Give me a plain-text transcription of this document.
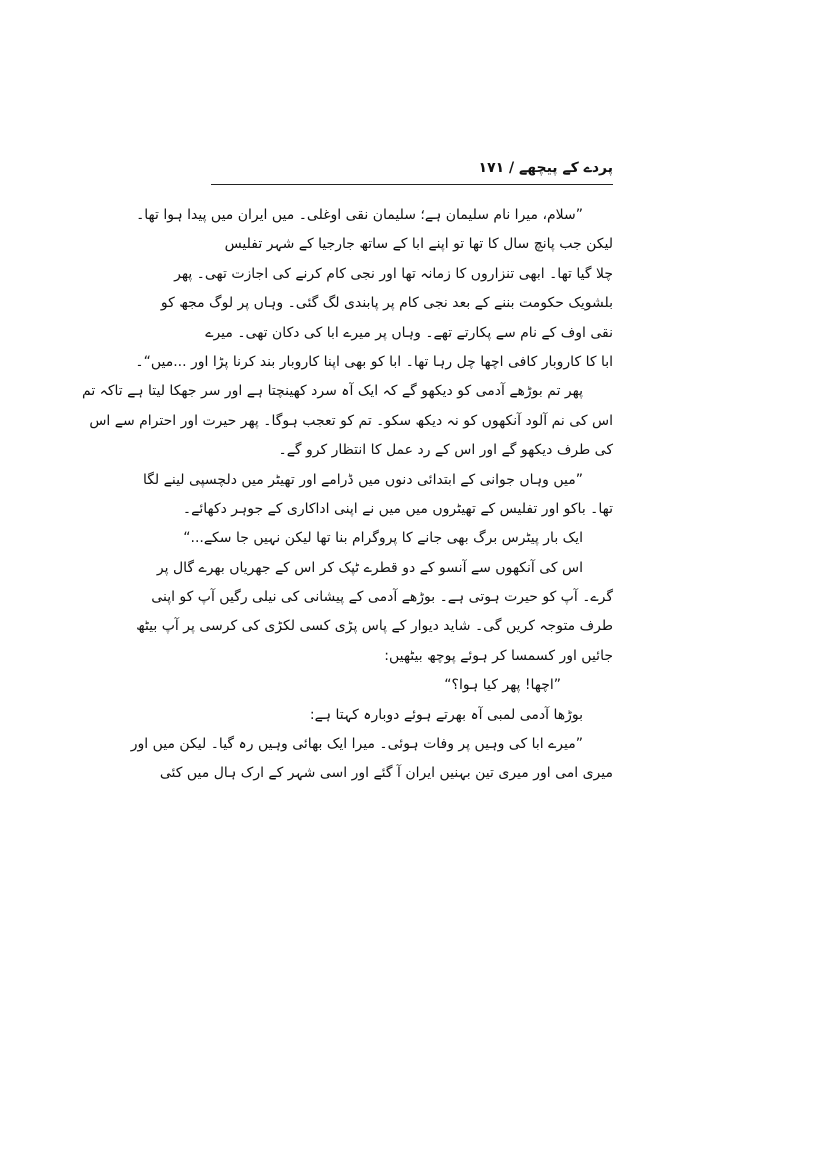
پردے کے پیچھے / ۱۷۱
”سلام، میرا نام سلیمان ہے؛ سلیمان نقی اوغلی۔ میں ایران میں پیدا ہوا تھا۔
لیکن جب پانچ سال کا تھا تو اپنے ابا کے ساتھ جارجیا کے شہر تفلیس
چلا گیا تھا۔ ابھی تنزاروں کا زمانہ تھا اور نجی کام کرنے کی اجازت تھی۔ پھر
بلشویک حکومت بننے کے بعد نجی کام پر پابندی لگ گئی۔ وہاں پر لوگ مجھ کو
نقی اوف کے نام سے پکارتے تھے۔ وہاں پر میرے ابا کی دکان تھی۔ میرے
ابا کا کاروبار کافی اچھا چل رہا تھا۔ ابا کو بھی اپنا کاروبار بند کرنا پڑا اور ...میں“۔
پھر تم بوڑھے آدمی کو دیکھو گے کہ ایک آہ سرد کھینچتا ہے اور سر جھکا لیتا ہے تاکہ تم
اس کی نم آلود آنکھوں کو نہ دیکھ سکو۔ تم کو تعجب ہوگا۔ پھر حیرت اور احترام سے اس
کی طرف دیکھو گے اور اس کے رد عمل کا انتظار کرو گے۔
”میں وہاں جوانی کے ابتدائی دنوں میں ڈرامے اور تھیٹر میں دلچسپی لینے لگا
تھا۔ باکو اور تفلیس کے تھیٹروں میں میں نے اپنی اداکاری کے جوہر دکھائے۔
ایک بار پیٹرس برگ بھی جانے کا پروگرام بنا تھا لیکن نہیں جا سکے...“
اس کی آنکھوں سے آنسو کے دو قطرے ٹپک کر اس کے جھریاں بھرے گال پر
گرے۔ آپ کو حیرت ہوتی ہے۔ بوڑھے آدمی کے پیشانی کی نیلی رگیں آپ کو اپنی
طرف متوجہ کریں گی۔ شاید دیوار کے پاس پڑی کسی لکڑی کی کرسی پر آپ بیٹھ
جائیں اور کسمسا کر ہوئے پوچھ بیٹھیں:
”اچھا! پھر کیا ہوا؟“
بوڑھا آدمی لمبی آہ بھرتے ہوئے دوبارہ کہتا ہے:
”میرے ابا کی وہیں پر وفات ہوئی۔ میرا ایک بھائی وہیں رہ گیا۔ لیکن میں اور
میری امی اور میری تین بہنیں ایران آ گئے اور اسی شہر کے ارک ہال میں کئی
